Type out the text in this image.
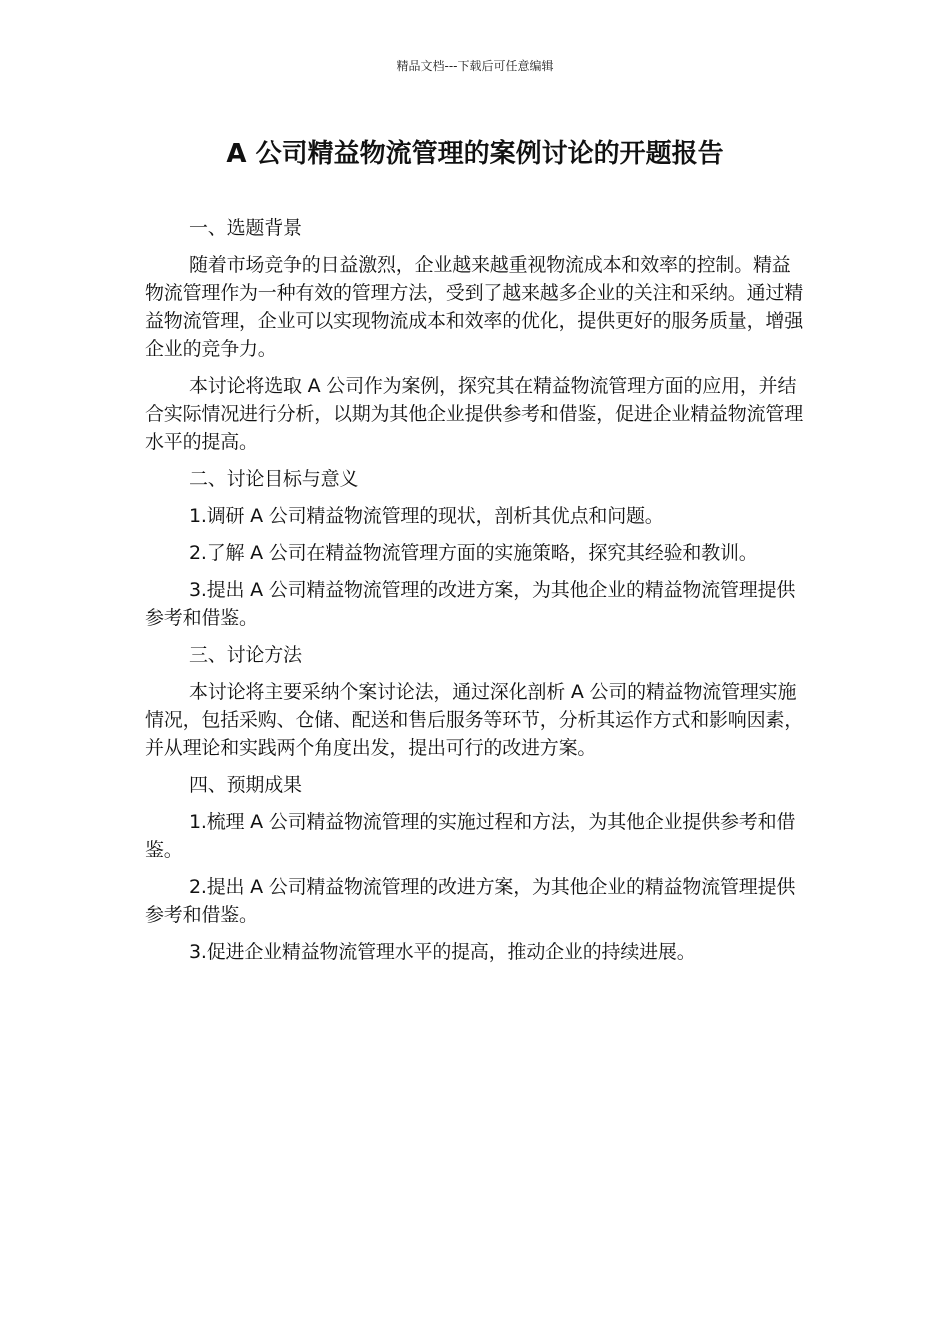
精品文档---下载后可任意编辑
A 公司精益物流管理的案例讨论的开题报告

一、选题背景

随着市场竞争的日益激烈，企业越来越重视物流成本和效率的控制。精益物流管理作为一种有效的管理方法，受到了越来越多企业的关注和采纳。通过精益物流管理，企业可以实现物流成本和效率的优化，提供更好的服务质量，增强企业的竞争力。

本讨论将选取 A 公司作为案例，探究其在精益物流管理方面的应用，并结合实际情况进行分析，以期为其他企业提供参考和借鉴，促进企业精益物流管理水平的提高。

二、讨论目标与意义

1.调研 A 公司精益物流管理的现状，剖析其优点和问题。

2.了解 A 公司在精益物流管理方面的实施策略，探究其经验和教训。

3.提出 A 公司精益物流管理的改进方案，为其他企业的精益物流管理提供参考和借鉴。

三、讨论方法

本讨论将主要采纳个案讨论法，通过深化剖析 A 公司的精益物流管理实施情况，包括采购、仓储、配送和售后服务等环节，分析其运作方式和影响因素，并从理论和实践两个角度出发，提出可行的改进方案。

四、预期成果

1.梳理 A 公司精益物流管理的实施过程和方法，为其他企业提供参考和借鉴。

2.提出 A 公司精益物流管理的改进方案，为其他企业的精益物流管理提供参考和借鉴。

3.促进企业精益物流管理水平的提高，推动企业的持续进展。
